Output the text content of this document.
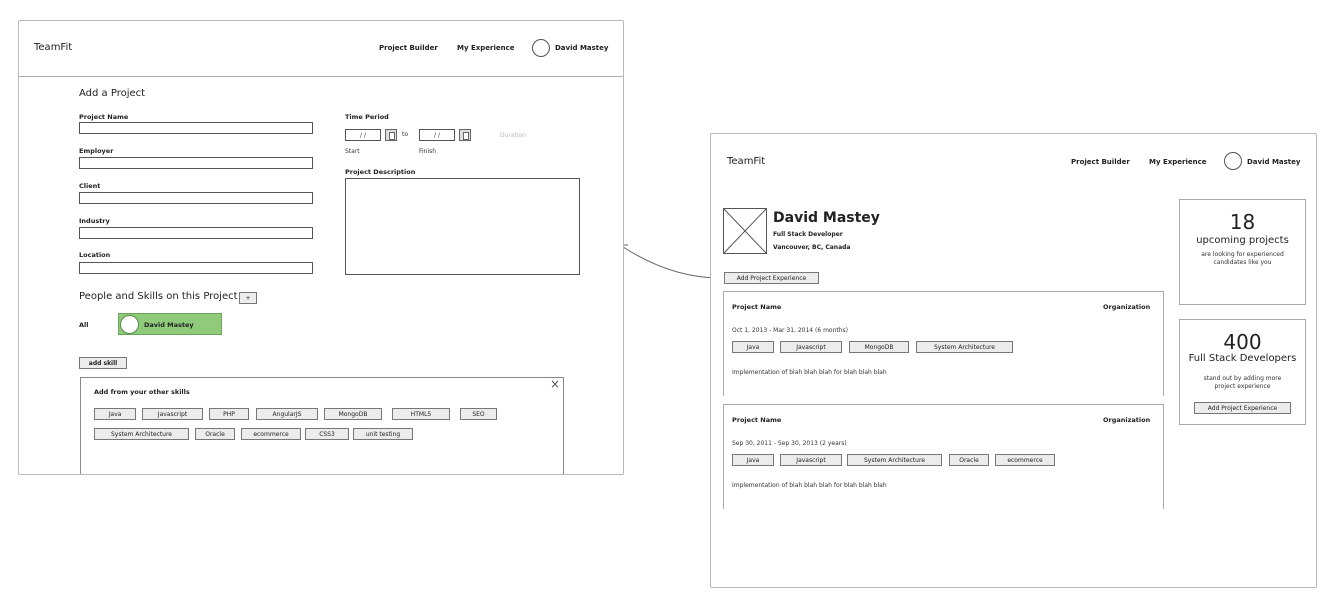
TeamFit	Project Builder	My Experience	David Mastey
Add a Project
Project Name
Employer
Client
Industry
Location
Time Period
/ /	to	/ /	Duration
Start	Finish
Project Description
People and Skills on this Project	+
All	David Mastey
add skill
Add from your other skills
×
Java	Javascript	PHP	AngularJS	MongoDB	HTML5	SEO
System Architecture	Oracle	ecommerce	CSS3	unit testing
TeamFit	Project Builder	My Experience	David Mastey
David Mastey
Full Stack Developer
Vancouver, BC, Canada
Add Project Experience
Project Name	Organization
Oct 1, 2013 - Mar 31, 2014 (6 months)
Java	Javascript	MongoDB	System Architecture
Implementation of blah blah blah for blah blah blah
Project Name	Organization
Sep 30, 2011 - Sep 30, 2013 (2 years)
Java	Javascript	System Architecture	Oracle	ecommerce
Implementation of blah blah blah for blah blah blah
18
upcoming projects
are looking for experienced
candidates like you
400
Full Stack Developers
stand out by adding more
project experience
Add Project Experience
